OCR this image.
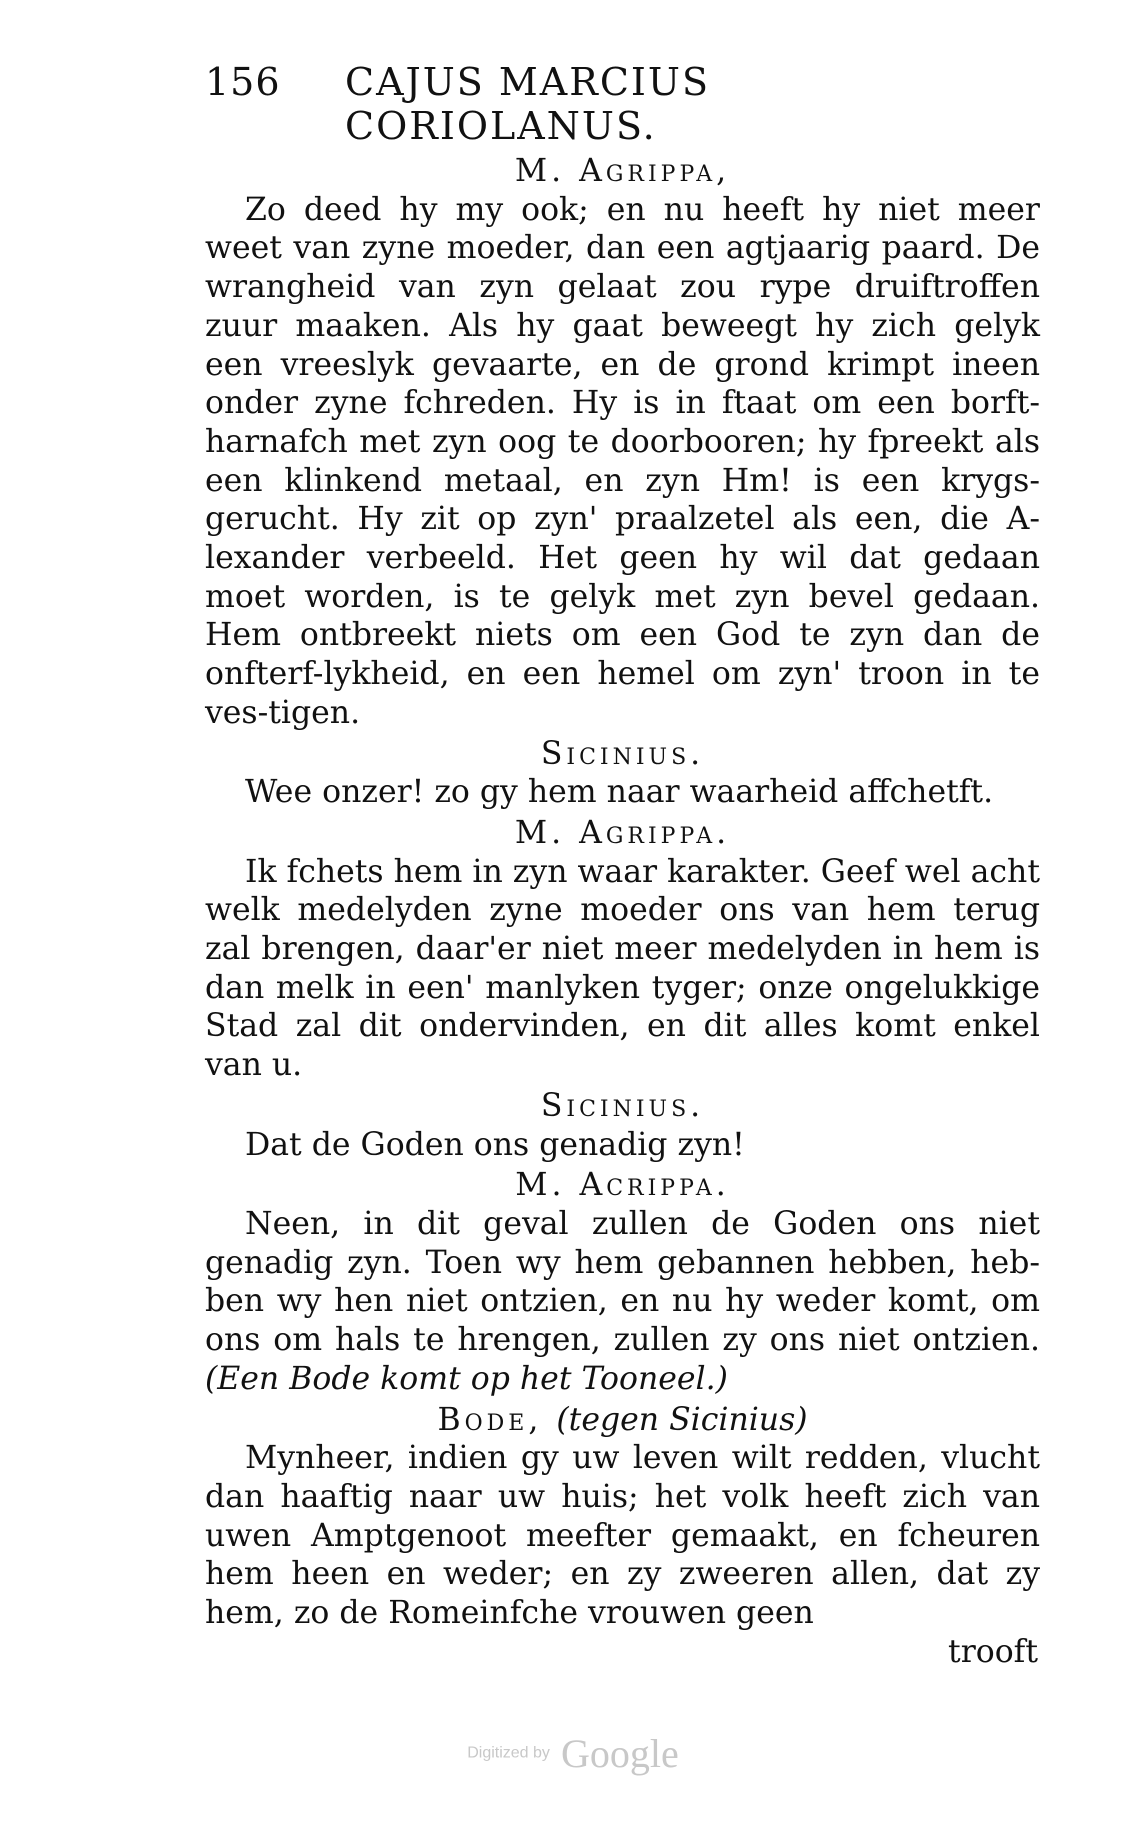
156 CAJUS MARCIUS CORIOLANUS.
M. Agrippa,

Zo deed hy my ook; en nu heeft hy niet meer weet van zyne moeder, dan een agtjaarig paard. De wrangheid van zyn gelaat zou rype druiftroffen zuur maaken. Als hy gaat beweegt hy zich gelyk een vreeslyk gevaarte, en de grond krimpt ineen onder zyne fchreden. Hy is in ftaat om een borft-harnafch met zyn oog te doorbooren; hy fpreekt als een klinkend metaal, en zyn Hm! is een krygs-gerucht. Hy zit op zyn' praalzetel als een, die A-lexander verbeeld. Het geen hy wil dat gedaan moet worden, is te gelyk met zyn bevel gedaan. Hem ontbreekt niets om een God te zyn dan de onfterf-lykheid, en een hemel om zyn' troon in te ves-tigen.

Sicinius.

Wee onzer! zo gy hem naar waarheid affchetft.

M. Agrippa.

Ik fchets hem in zyn waar karakter. Geef wel acht welk medelyden zyne moeder ons van hem terug zal brengen, daar'er niet meer medelyden in hem is dan melk in een' manlyken tyger; onze ongelukkige Stad zal dit ondervinden, en dit alles komt enkel van u.

Sicinius.

Dat de Goden ons genadig zyn!

M. Acrippa.

Neen, in dit geval zullen de Goden ons niet genadig zyn. Toen wy hem gebannen hebben, heb-ben wy hen niet ontzien, en nu hy weder komt, om ons om hals te hrengen, zullen zy ons niet ontzien. (Een Bode komt op het Tooneel.)

Bode, (tegen Sicinius)

Mynheer, indien gy uw leven wilt redden, vlucht dan haaftig naar uw huis; het volk heeft zich van uwen Amptgenoot meefter gemaakt, en fcheuren hem heen en weder; en zy zweeren allen, dat zy hem, zo de Romeinfche vrouwen geen

trooft
Digitized by Google
